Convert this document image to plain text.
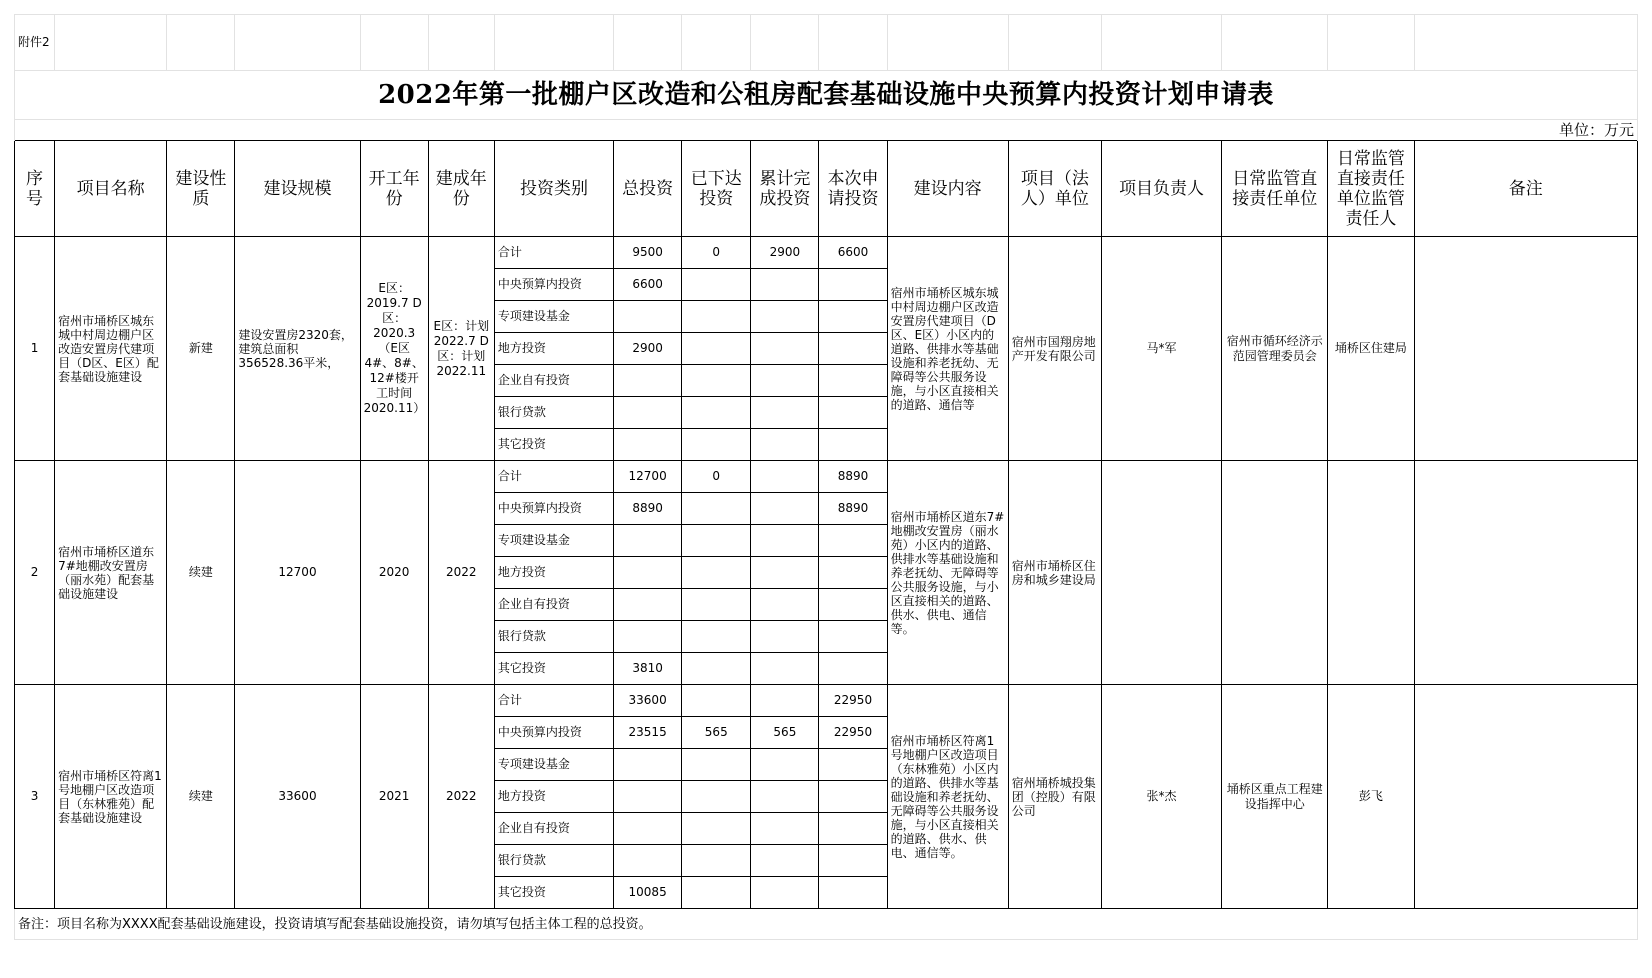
附件2																
2022年第一批棚户区改造和公租房配套基础设施中央预算内投资计划申请表																
单位：万元																
序号	项目名称	建设性质	建设规模	开工年份	建成年份	投资类别	总投资	已下达投资	累计完成投资	本次申请投资	建设内容	项目（法人）单位	项目负责人	日常监管直接责任单位	日常监管直接责任单位监管责任人	备注
1	宿州市埇桥区城东城中村周边棚户区改造安置房代建项目（D区、E区）配套基础设施建设	新建	建设安置房2320套，建筑总面积356528.36平米，	E区：2019.7 D区：2020.3（E区4#、8#、12#楼开工时间2020.11）	E区：计划2022.7 D区：计划2022.11	合计	9500	0	2900	6600	宿州市埇桥区城东城中村周边棚户区改造安置房代建项目（D区、E区）小区内的道路、供排水等基础设施和养老抚幼、无障碍等公共服务设施，与小区直接相关的道路、通信等	宿州市国翔房地产开发有限公司	马*军	宿州市循环经济示范园管理委员会	埇桥区住建局	
						中央预算内投资	6600									
						专项建设基金										
						地方投资	2900									
						企业自有投资										
						银行贷款										
						其它投资										
2	宿州市埇桥区道东7#地棚改安置房（丽水苑）配套基础设施建设	续建	12700	2020	2022	合计	12700	0		8890	宿州市埇桥区道东7#地棚改安置房（丽水苑）小区内的道路、供排水等基础设施和养老抚幼、无障碍等公共服务设施，与小区直接相关的道路、供水、供电、通信等。	宿州市埇桥区住房和城乡建设局				
						中央预算内投资	8890			8890						
						专项建设基金										
						地方投资										
						企业自有投资										
						银行贷款										
						其它投资	3810									
3	宿州市埇桥区符离1号地棚户区改造项目（东林雅苑）配套基础设施建设	续建	33600	2021	2022	合计	33600			22950	宿州市埇桥区符离1号地棚户区改造项目（东林雅苑）小区内的道路、供排水等基础设施和养老抚幼、无障碍等公共服务设施，与小区直接相关的道路、供水、供电、通信等。	宿州埇桥城投集团（控股）有限公司	张*杰	埇桥区重点工程建设指挥中心	彭飞	
						中央预算内投资	23515	565	565	22950						
						专项建设基金										
						地方投资										
						企业自有投资										
						银行贷款										
						其它投资	10085									
备注：项目名称为XXXX配套基础设施建设，投资请填写配套基础设施投资，请勿填写包括主体工程的总投资。																
